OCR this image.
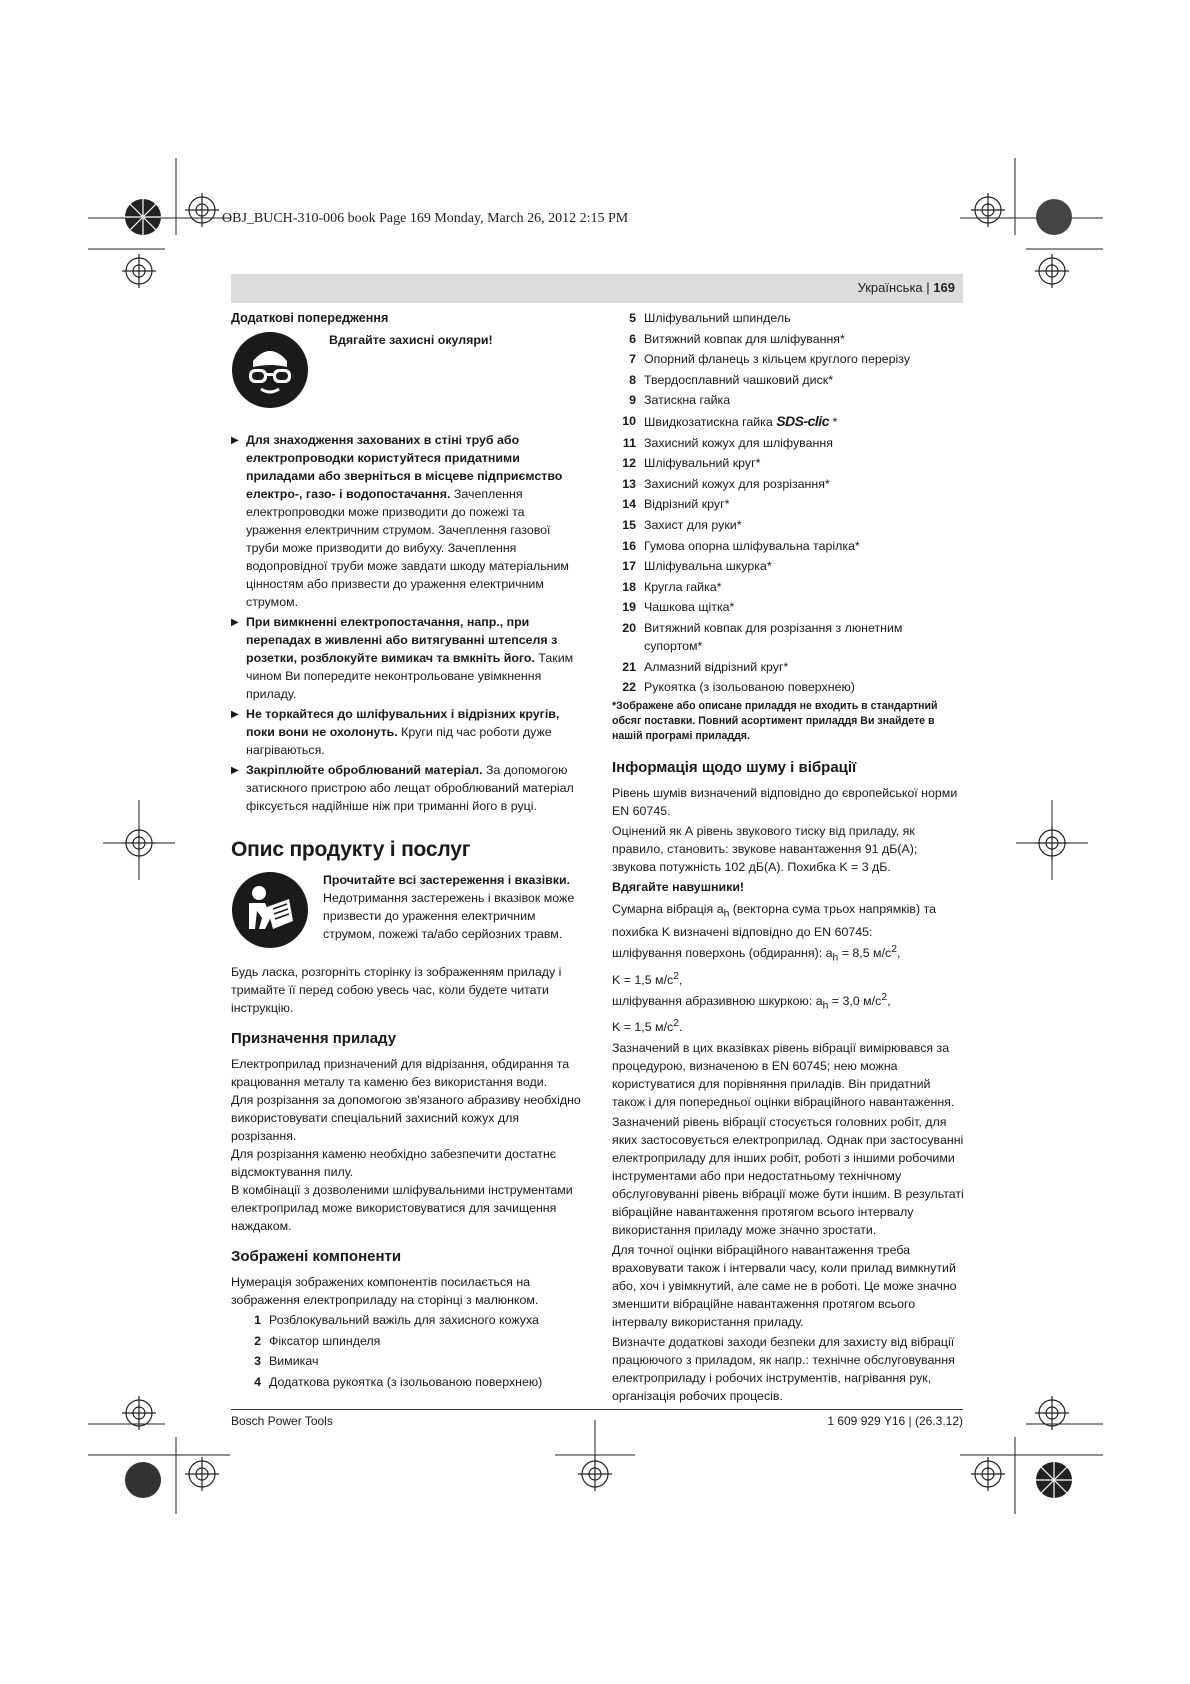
OBJ_BUCH-310-006 book Page 169 Monday, March 26, 2012 2:15 PM
Українська | 169
Додаткові попередження
Вдягайте захисні окуляри!
▶ Для знаходження захованих в стіні труб або електропроводки користуйтеся придатними приладами або зверніться в місцеве підприємство електро-, газо- і водопостачання. Зачеплення електропроводки може призводити до пожежі та ураження електричним струмом. Зачеплення газової труби може призводити до вибуху. Зачеплення водопровідної труби може завдати шкоду матеріальним цінностям або призвести до ураження електричним струмом.
▶ При вимкненні електропостачання, напр., при перепадах в живленні або витягуванні штепселя з розетки, розблокуйте вимикач та вмкніть його. Таким чином Ви попередите неконтрольоване увімкнення приладу.
▶ Не торкайтеся до шліфувальних і відрізних кругів, поки вони не охолонуть. Круги під час роботи дуже нагріваються.
▶ Закріплюйте оброблюваний матеріал. За допомогою затискного пристрою або лещат оброблюваний матеріал фіксується надійніше ніж при триманні його в руці.
Опис продукту і послуг
Прочитайте всі застереження і вказівки. Недотримання застережень і вказівок може призвести до ураження електричним струмом, пожежі та/або серйозних травм.

Будь ласка, розгорніть сторінку із зображенням приладу і тримайте її перед собою увесь час, коли будете читати інструкцію.

Призначення приладу

Електроприлад призначений для відрізання, обдирання та крацювання металу та каменю без використання води.

Для розрізання за допомогою зв'язаного абразиву необхідно використовувати спеціальний захисний кожух для розрізання.

Для розрізання каменю необхідно забезпечити достатнє відсмоктування пилу.

В комбінації з дозволеними шліфувальними інструментами електроприлад може використовуватися для зачищення наждаком.

Зображені компоненти

Нумерація зображених компонентів посилається на зображення електроприладу на сторінці з малюнком.

1 Розблокувальний важіль для захисного кожуха
2 Фіксатор шпинделя
3 Вимикач
4 Додаткова рукоятка (з ізольованою поверхнею)
5 Шліфувальний шпиндель
6 Витяжний ковпак для шліфування*
7 Опорний фланець з кільцем круглого перерізу
8 Твердосплавний чашковий диск*
9 Затискна гайка
10 Швидкозатискна гайка SDS-clic *
11 Захисний кожух для шліфування
12 Шліфувальний круг*
13 Захисний кожух для розрізання*
14 Відрізний круг*
15 Захист для руки*
16 Гумова опорна шліфувальна тарілка*
17 Шліфувальна шкурка*
18 Кругла гайка*
19 Чашкова щітка*
20 Витяжний ковпак для розрізання з люнетним супортом*
21 Алмазний відрізний круг*
22 Рукоятка (з ізольованою поверхнею)
*Зображене або описане приладдя не входить в стандартний обсяг поставки. Повний асортимент приладдя Ви знайдете в нашій програмі приладдя.
Інформація щодо шуму і вібрації

Рівень шумів визначений відповідно до європейської норми EN 60745.

Оцінений як А рівень звукового тиску від приладу, як правило, становить: звукове навантаження 91 дБ(A); звукова потужність 102 дБ(A). Похибка K = 3 дБ.

Вдягайте навушники!

Сумарна вібрація $a_h$ (векторна сума трьох напрямків) та похибка K визначені відповідно до EN 60745:
шліфування поверхонь (обдирання): $a_h = 8,5$ $м/с^2$,
K = 1,5 $м/с^2$,
шліфування абразивною шкуркою: $a_h = 3,0$ $м/с^2$,
K = 1,5 $м/с^2$.

Зазначений в цих вказівках рівень вібрації вимірювався за процедурою, визначеною в EN 60745; нею можна користуватися для порівняння приладів. Він придатний також і для попередньої оцінки вібраційного навантаження.

Зазначений рівень вібрації стосується головних робіт, для яких застосовується електроприлад. Однак при застосуванні електроприладу для інших робіт, роботі з іншими робочими інструментами або при недостатньому технічному обслуговуванні рівень вібрації може бути іншим. В результаті вібраційне навантаження протягом всього інтервалу використання приладу може значно зростати.

Для точної оцінки вібраційного навантаження треба враховувати також і інтервали часу, коли прилад вимкнутий або, хоч і увімкнутий, але саме не в роботі. Це може значно зменшити вібраційне навантаження протягом всього інтервалу використання приладу.

Визначте додаткові заходи безпеки для захисту від вібрації працюючого з приладом, як напр.: технічне обслуговування електроприладу і робочих інструментів, нагрівання рук, організація робочих процесів.

Bosch Power Tools	1 609 929 Y16 | (26.3.12)
